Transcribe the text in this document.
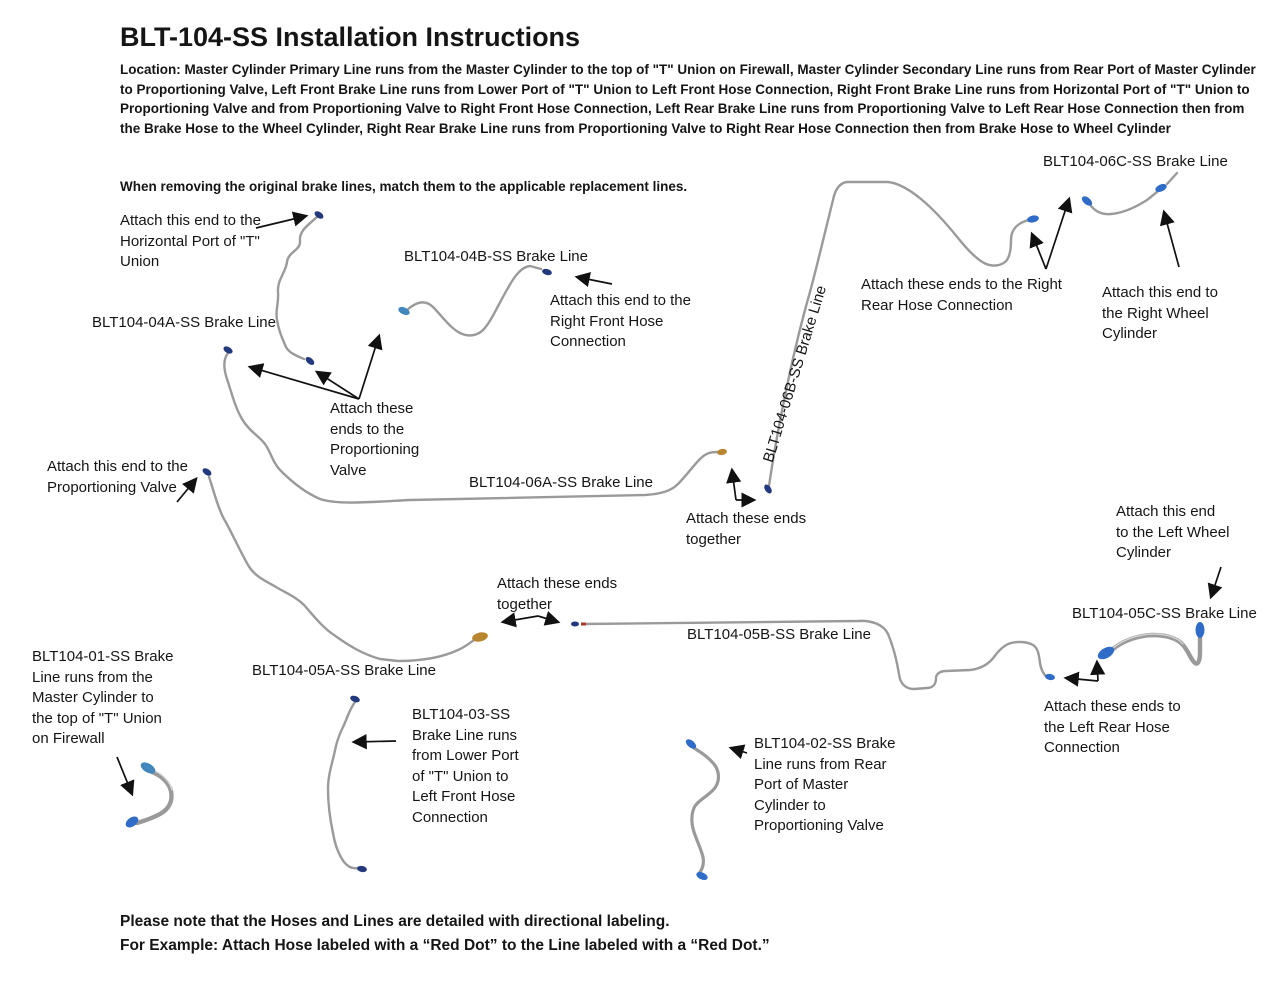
BLT-104-SS Installation Instructions
Location: Master Cylinder Primary Line runs from the Master Cylinder to the top of "T" Union on Firewall, Master Cylinder Secondary Line runs from Rear Port of Master Cylinder to Proportioning Valve, Left Front Brake Line runs from Lower Port of "T" Union to Left Front Hose Connection, Right Front Brake Line runs from Horizontal Port of "T" Union to Proportioning Valve and from Proportioning Valve to Right Front Hose Connection, Left Rear Brake Line runs from Proportioning Valve to Left Rear Hose Connection then from the Brake Hose to the Wheel Cylinder, Right Rear Brake Line runs from Proportioning Valve to Right Rear Hose Connection then from Brake Hose to Wheel Cylinder
When removing the original brake lines, match them to the applicable replacement lines.
BLT104-06C-SS Brake Line
BLT104-04B-SS Brake Line
BLT104-04A-SS Brake Line
BLT104-06A-SS Brake Line
BLT104-06B-SS Brake Line
BLT104-05B-SS Brake Line
BLT104-05C-SS Brake Line
BLT104-05A-SS Brake Line
BLT104-01-SS Brake Line runs from the Master Cylinder to the top of "T" Union on Firewall
BLT104-03-SS Brake Line runs from Lower Port of "T" Union to Left Front Hose Connection
BLT104-02-SS Brake Line runs from Rear Port of Master Cylinder to Proportioning Valve
Attach this end to the Horizontal Port of "T" Union
Attach this end to the Right Front Hose Connection
Attach these ends to the Proportioning Valve
Attach these ends to the Right Rear Hose Connection
Attach this end to the Right Wheel Cylinder
Attach this end to the Proportioning Valve
Attach these ends together
Attach this end to the Left Wheel Cylinder
Attach these ends together
Attach these ends to the Left Rear Hose Connection
Please note that the Hoses and Lines are detailed with directional labeling.
For Example: Attach Hose labeled with a “Red Dot” to the Line labeled with a “Red Dot.”
